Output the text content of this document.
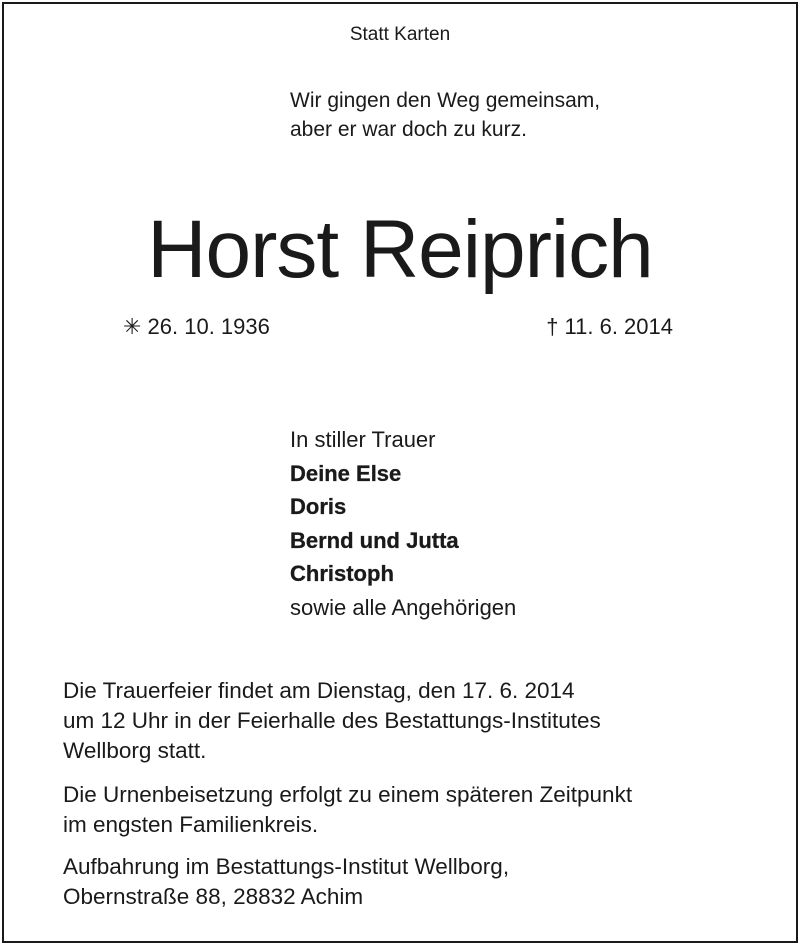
Statt Karten
Wir gingen den Weg gemeinsam,
aber er war doch zu kurz.
Horst Reiprich
✳ 26. 10. 1936	† 11. 6. 2014
In stiller Trauer
Deine Else
Doris
Bernd und Jutta
Christoph
sowie alle Angehörigen
Die Trauerfeier findet am Dienstag, den 17. 6. 2014
um 12 Uhr in der Feierhalle des Bestattungs-Institutes
Wellborg statt.
Die Urnenbeisetzung erfolgt zu einem späteren Zeitpunkt
im engsten Familienkreis.
Aufbahrung im Bestattungs-Institut Wellborg,
Obernstraße 88, 28832 Achim
